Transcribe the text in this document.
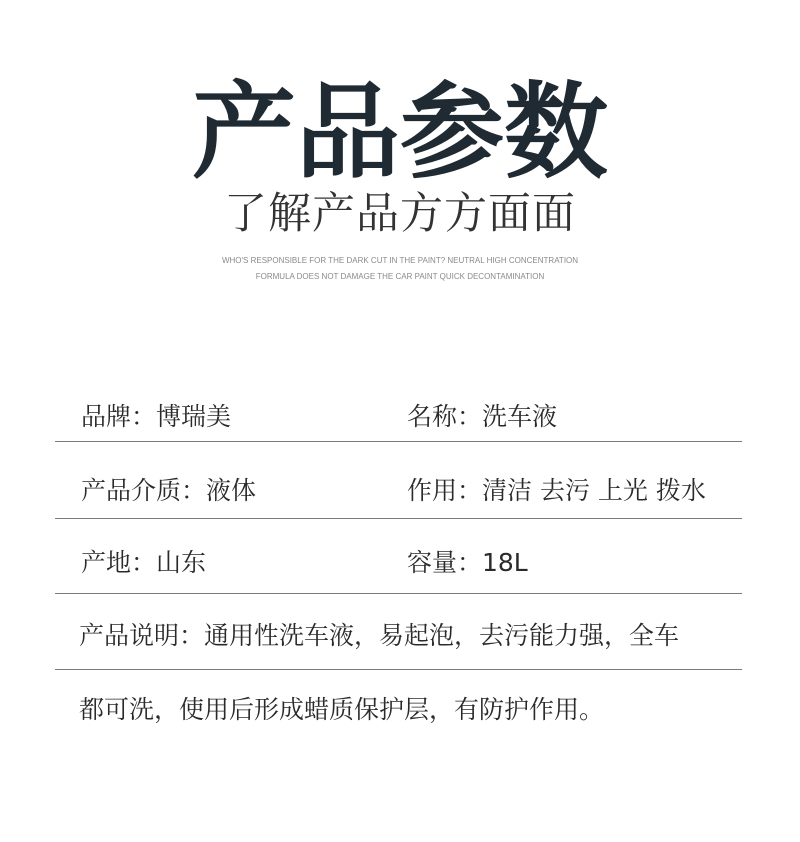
产品参数
了解产品方方面面
WHO'S RESPONSIBLE FOR THE DARK CUT IN THE PAINT? NEUTRAL HIGH CONCENTRATION
FORMULA DOES NOT DAMAGE THE CAR PAINT QUICK DECONTAMINATION
品牌：博瑞美	名称：洗车液
产品介质：液体	作用：清洁 去污 上光 拨水
产地：山东	容量：18L
产品说明：通用性洗车液，易起泡，去污能力强，全车
都可洗，使用后形成蜡质保护层，有防护作用。
